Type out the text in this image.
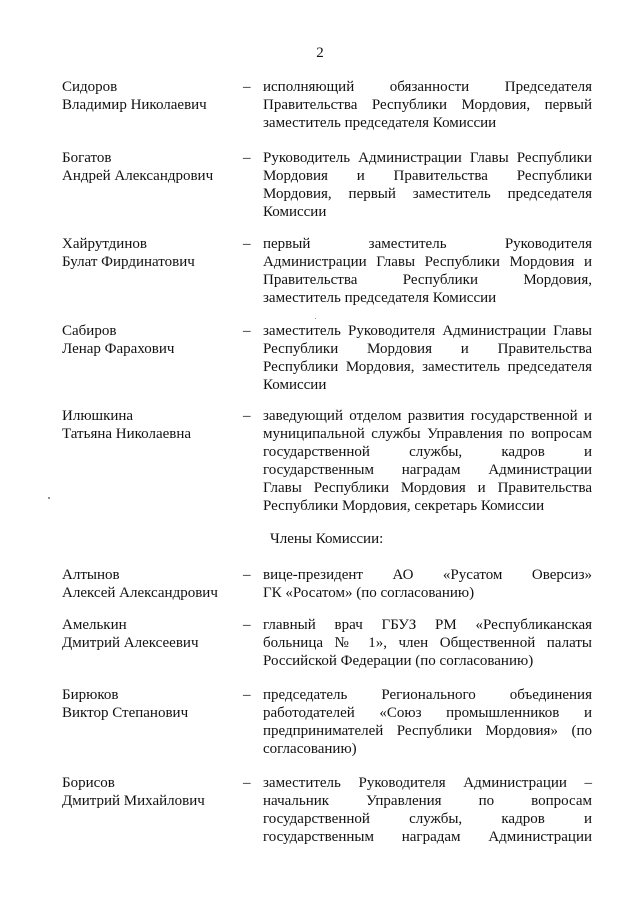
2
Сидоров
Владимир Николаевич
– исполняющий обязанности Председателя
Правительства Республики Мордовия, первый
заместитель председателя Комиссии
Богатов
Андрей Александрович
– Руководитель Администрации Главы Республики
Мордовия и Правительства Республики
Мордовия, первый заместитель председателя
Комиссии
Хайрутдинов
Булат Фирдинатович
– первый заместитель Руководителя
Администрации Главы Республики Мордовия и
Правительства Республики Мордовия,
заместитель председателя Комиссии
Сабиров
Ленар Фарахович
– заместитель Руководителя Администрации Главы
Республики Мордовия и Правительства
Республики Мордовия, заместитель председателя
Комиссии
Илюшкина
Татьяна Николаевна
– заведующий отделом развития государственной и
муниципальной службы Управления по вопросам
государственной службы, кадров и
государственным наградам Администрации
Главы Республики Мордовия и Правительства
Республики Мордовия, секретарь Комиссии
Члены Комиссии:
Алтынов
Алексей Александрович
– вице-президент АО «Русатом Оверсиз»
ГК «Росатом» (по согласованию)
Амелькин
Дмитрий Алексеевич
– главный врач ГБУЗ РМ «Республиканская
больница № 1», член Общественной палаты
Российской Федерации (по согласованию)
Бирюков
Виктор Степанович
– председатель Регионального объединения
работодателей «Союз промышленников и
предпринимателей Республики Мордовия» (по
согласованию)
Борисов
Дмитрий Михайлович
– заместитель Руководителя Администрации –
начальник Управления по вопросам
государственной службы, кадров и
государственным наградам Администрации
